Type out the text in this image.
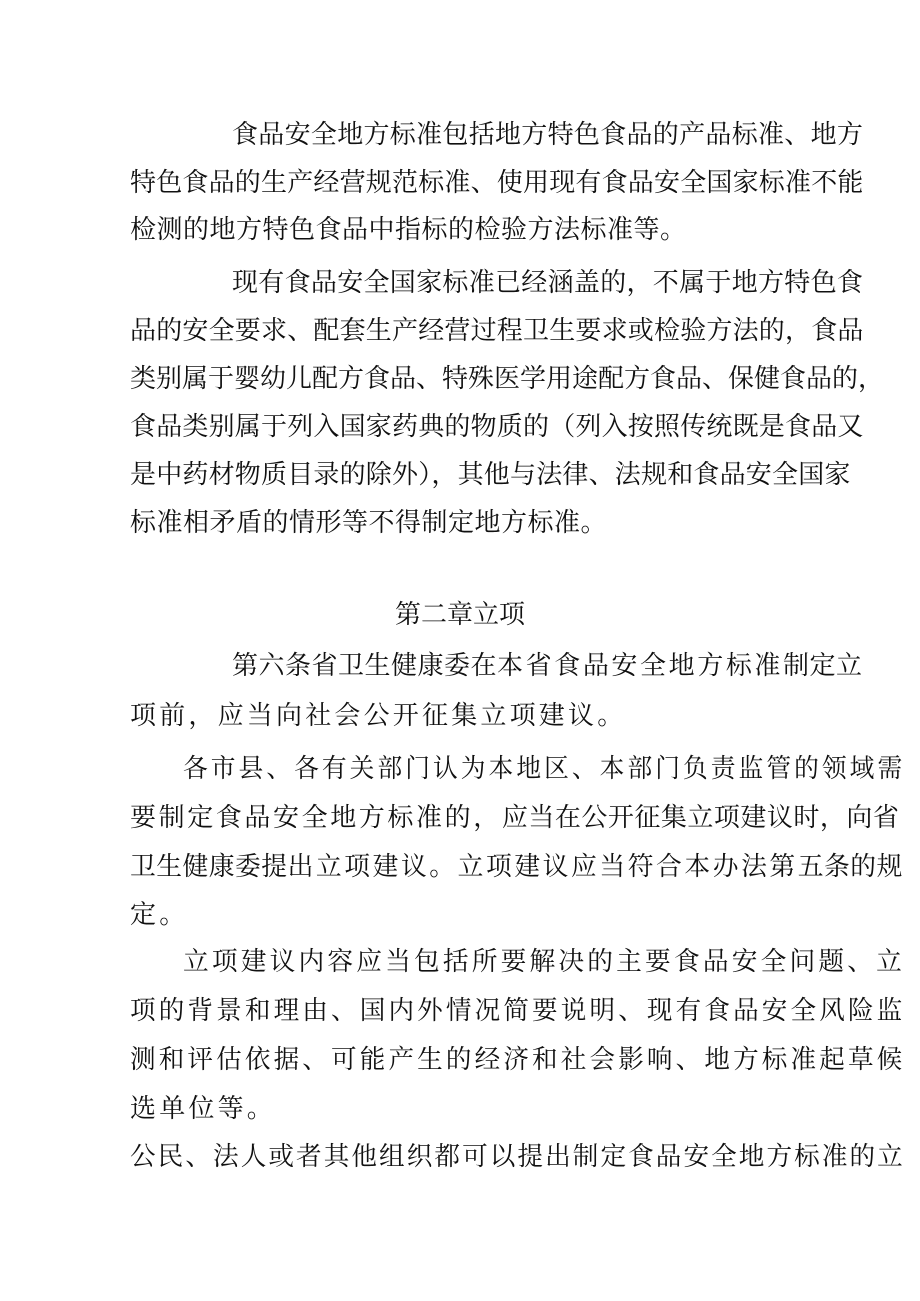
食品安全地方标准包括地方特色食品的产品标准、地方
特色食品的生产经营规范标准、使用现有食品安全国家标准不能
检测的地方特色食品中指标的检验方法标准等。
现有食品安全国家标准已经涵盖的，不属于地方特色食
品的安全要求、配套生产经营过程卫生要求或检验方法的，食品
类别属于婴幼儿配方食品、特殊医学用途配方食品、保健食品的，
食品类别属于列入国家药典的物质的（列入按照传统既是食品又
是中药材物质目录的除外），其他与法律、法规和食品安全国家
标准相矛盾的情形等不得制定地方标准。
第二章立项
第六条省卫生健康委在本省食品安全地方标准制定立
项前，应当向社会公开征集立项建议。
各市县、各有关部门认为本地区、本部门负责监管的领域需
要制定食品安全地方标准的，应当在公开征集立项建议时，向省
卫生健康委提出立项建议。立项建议应当符合本办法第五条的规
定。
立项建议内容应当包括所要解决的主要食品安全问题、立
项的背景和理由、国内外情况简要说明、现有食品安全风险监
测和评估依据、可能产生的经济和社会影响、地方标准起草候
选单位等。
公民、法人或者其他组织都可以提出制定食品安全地方标准的立
